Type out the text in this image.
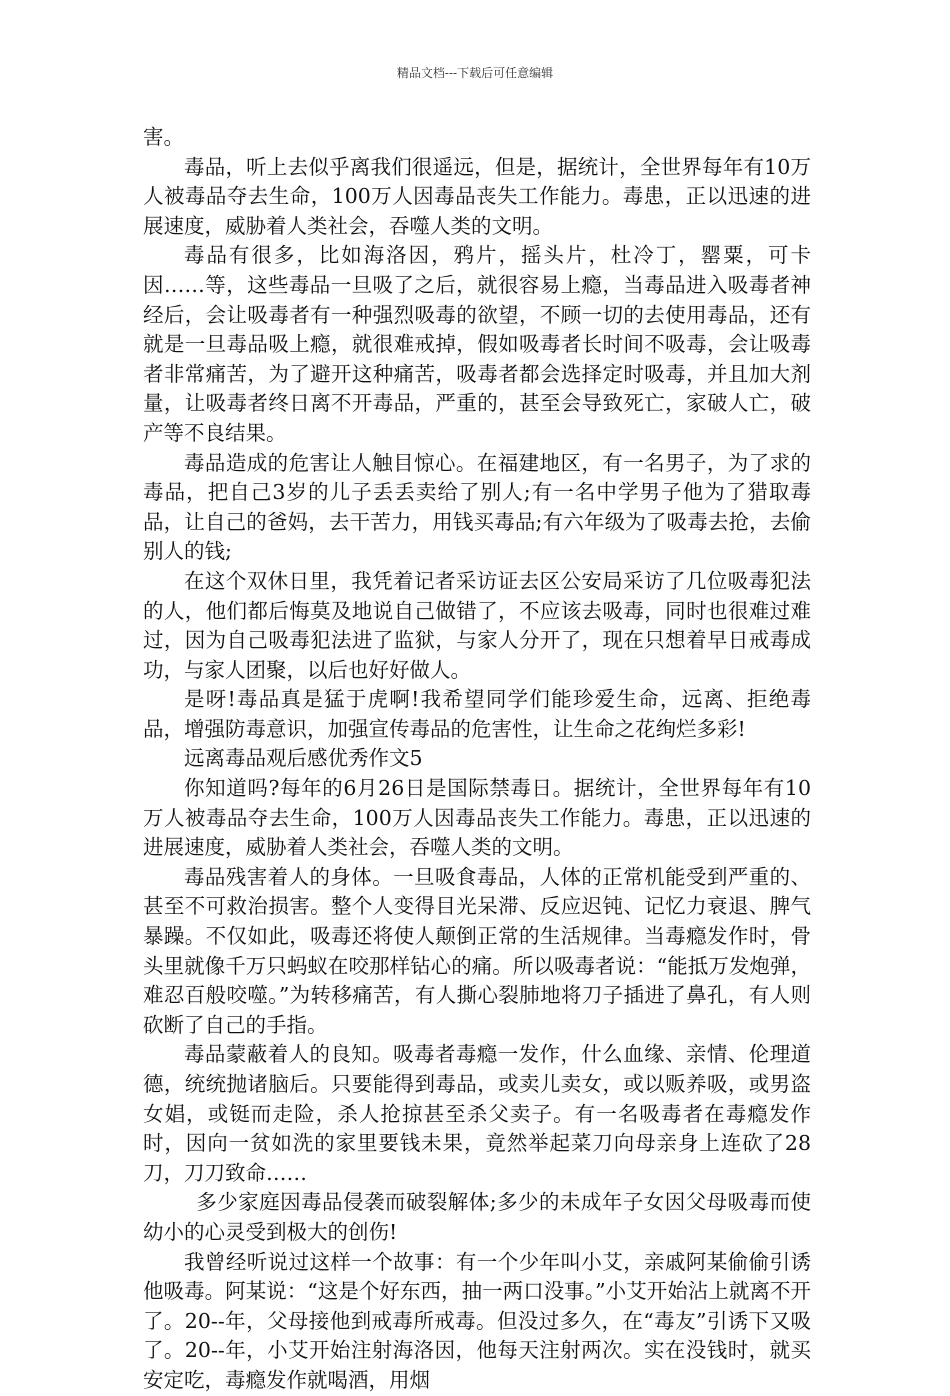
精品文档---下载后可任意编辑

害。

毒品，听上去似乎离我们很遥远，但是，据统计，全世界每年有10万人被毒品夺去生命，100万人因毒品丧失工作能力。毒患，正以迅速的进展速度，威胁着人类社会，吞噬人类的文明。

毒品有很多，比如海洛因，鸦片，摇头片，杜冷丁，罂粟，可卡因……等，这些毒品一旦吸了之后，就很容易上瘾，当毒品进入吸毒者神经后，会让吸毒者有一种强烈吸毒的欲望，不顾一切的去使用毒品，还有就是一旦毒品吸上瘾，就很难戒掉，假如吸毒者长时间不吸毒，会让吸毒者非常痛苦，为了避开这种痛苦，吸毒者都会选择定时吸毒，并且加大剂量，让吸毒者终日离不开毒品，严重的，甚至会导致死亡，家破人亡，破产等不良结果。

毒品造成的危害让人触目惊心。在福建地区，有一名男子，为了求的毒品，把自己3岁的儿子丢丢卖给了别人;有一名中学男子他为了猎取毒品，让自己的爸妈，去干苦力，用钱买毒品;有六年级为了吸毒去抢，去偷别人的钱;

在这个双休日里，我凭着记者采访证去区公安局采访了几位吸毒犯法的人，他们都后悔莫及地说自己做错了，不应该去吸毒，同时也很难过难过，因为自己吸毒犯法进了监狱，与家人分开了，现在只想着早日戒毒成功，与家人团聚，以后也好好做人。

是呀!毒品真是猛于虎啊!我希望同学们能珍爱生命，远离、拒绝毒品，增强防毒意识，加强宣传毒品的危害性，让生命之花绚烂多彩!

远离毒品观后感优秀作文5

你知道吗?每年的6月26日是国际禁毒日。据统计，全世界每年有10万人被毒品夺去生命，100万人因毒品丧失工作能力。毒患，正以迅速的进展速度，威胁着人类社会，吞噬人类的文明。

毒品残害着人的身体。一旦吸食毒品，人体的正常机能受到严重的、甚至不可救治损害。整个人变得目光呆滞、反应迟钝、记忆力衰退、脾气暴躁。不仅如此，吸毒还将使人颠倒正常的生活规律。当毒瘾发作时，骨头里就像千万只蚂蚁在咬那样钻心的痛。所以吸毒者说：“能抵万发炮弹，难忍百般咬噬。”为转移痛苦，有人撕心裂肺地将刀子插进了鼻孔，有人则砍断了自己的手指。

毒品蒙蔽着人的良知。吸毒者毒瘾一发作，什么血缘、亲情、伦理道德，统统抛诸脑后。只要能得到毒品，或卖儿卖女，或以贩养吸，或男盗女娼，或铤而走险，杀人抢掠甚至杀父卖子。有一名吸毒者在毒瘾发作时，因向一贫如洗的家里要钱未果，竟然举起菜刀向母亲身上连砍了28刀，刀刀致命……

多少家庭因毒品侵袭而破裂解体;多少的未成年子女因父母吸毒而使幼小的心灵受到极大的创伤!

我曾经听说过这样一个故事：有一个少年叫小艾，亲戚阿某偷偷引诱他吸毒。阿某说：“这是个好东西，抽一两口没事。”小艾开始沾上就离不开了。20--年，父母接他到戒毒所戒毒。但没过多久，在“毒友”引诱下又吸了。20--年，小艾开始注射海洛因，他每天注射两次。实在没钱时，就买安定吃，毒瘾发作就喝酒，用烟
